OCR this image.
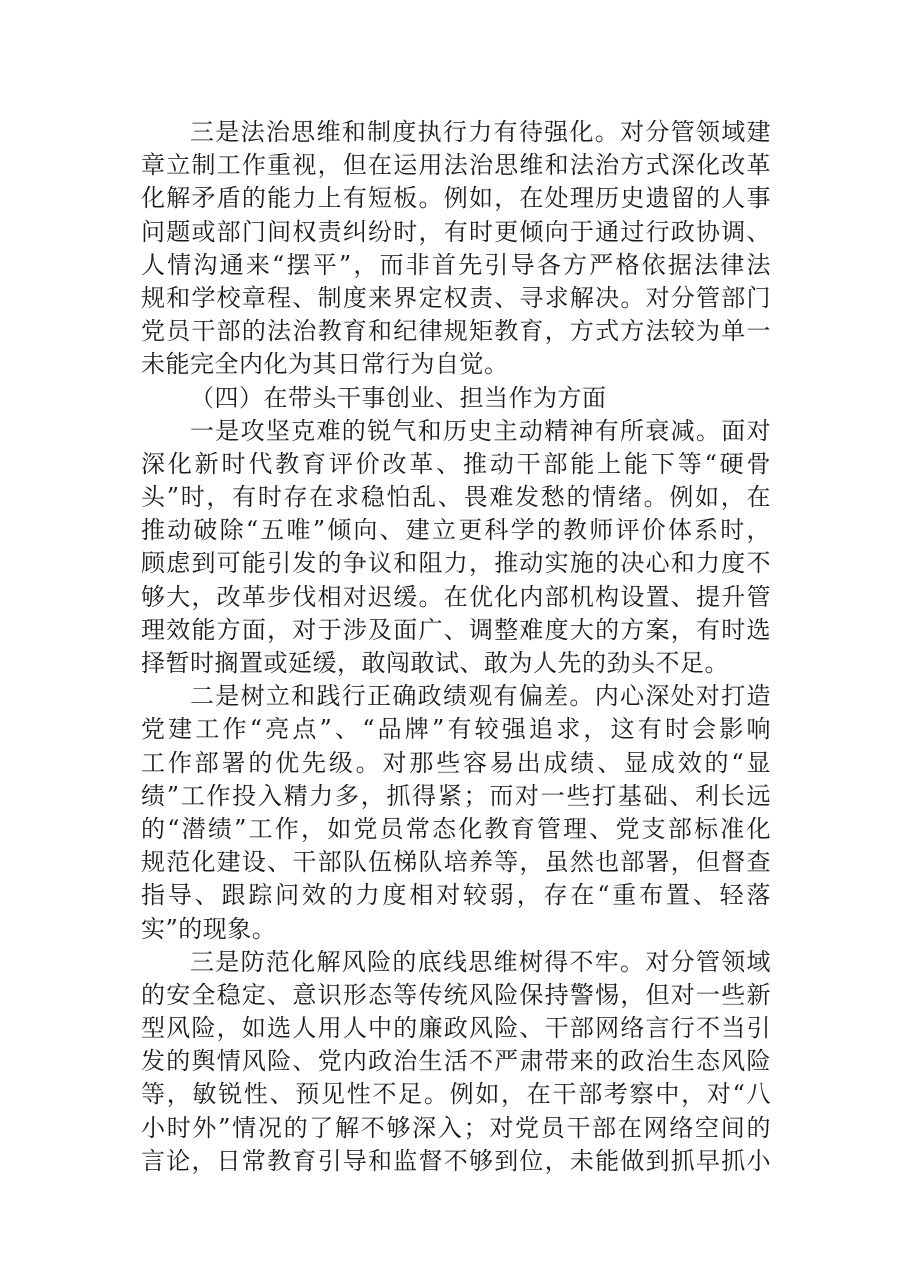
三是法治思维和制度执行力有待强化。对分管领域建
章立制工作重视，但在运用法治思维和法治方式深化改革
化解矛盾的能力上有短板。例如，在处理历史遗留的人事
问题或部门间权责纠纷时，有时更倾向于通过行政协调、
人情沟通来“摆平”，而非首先引导各方严格依据法律法
规和学校章程、制度来界定权责、寻求解决。对分管部门
党员干部的法治教育和纪律规矩教育，方式方法较为单一
未能完全内化为其日常行为自觉。
（四）在带头干事创业、担当作为方面
一是攻坚克难的锐气和历史主动精神有所衰减。面对
深化新时代教育评价改革、推动干部能上能下等“硬骨
头”时，有时存在求稳怕乱、畏难发愁的情绪。例如，在
推动破除“五唯”倾向、建立更科学的教师评价体系时，
顾虑到可能引发的争议和阻力，推动实施的决心和力度不
够大，改革步伐相对迟缓。在优化内部机构设置、提升管
理效能方面，对于涉及面广、调整难度大的方案，有时选
择暂时搁置或延缓，敢闯敢试、敢为人先的劲头不足。
二是树立和践行正确政绩观有偏差。内心深处对打造
党建工作“亮点”、“品牌”有较强追求，这有时会影响
工作部署的优先级。对那些容易出成绩、显成效的“显
绩”工作投入精力多，抓得紧；而对一些打基础、利长远
的“潜绩”工作，如党员常态化教育管理、党支部标准化
规范化建设、干部队伍梯队培养等，虽然也部署，但督查
指导、跟踪问效的力度相对较弱，存在“重布置、轻落
实”的现象。
三是防范化解风险的底线思维树得不牢。对分管领域
的安全稳定、意识形态等传统风险保持警惕，但对一些新
型风险，如选人用人中的廉政风险、干部网络言行不当引
发的舆情风险、党内政治生活不严肃带来的政治生态风险
等，敏锐性、预见性不足。例如，在干部考察中，对“八
小时外”情况的了解不够深入；对党员干部在网络空间的
言论，日常教育引导和监督不够到位，未能做到抓早抓小
